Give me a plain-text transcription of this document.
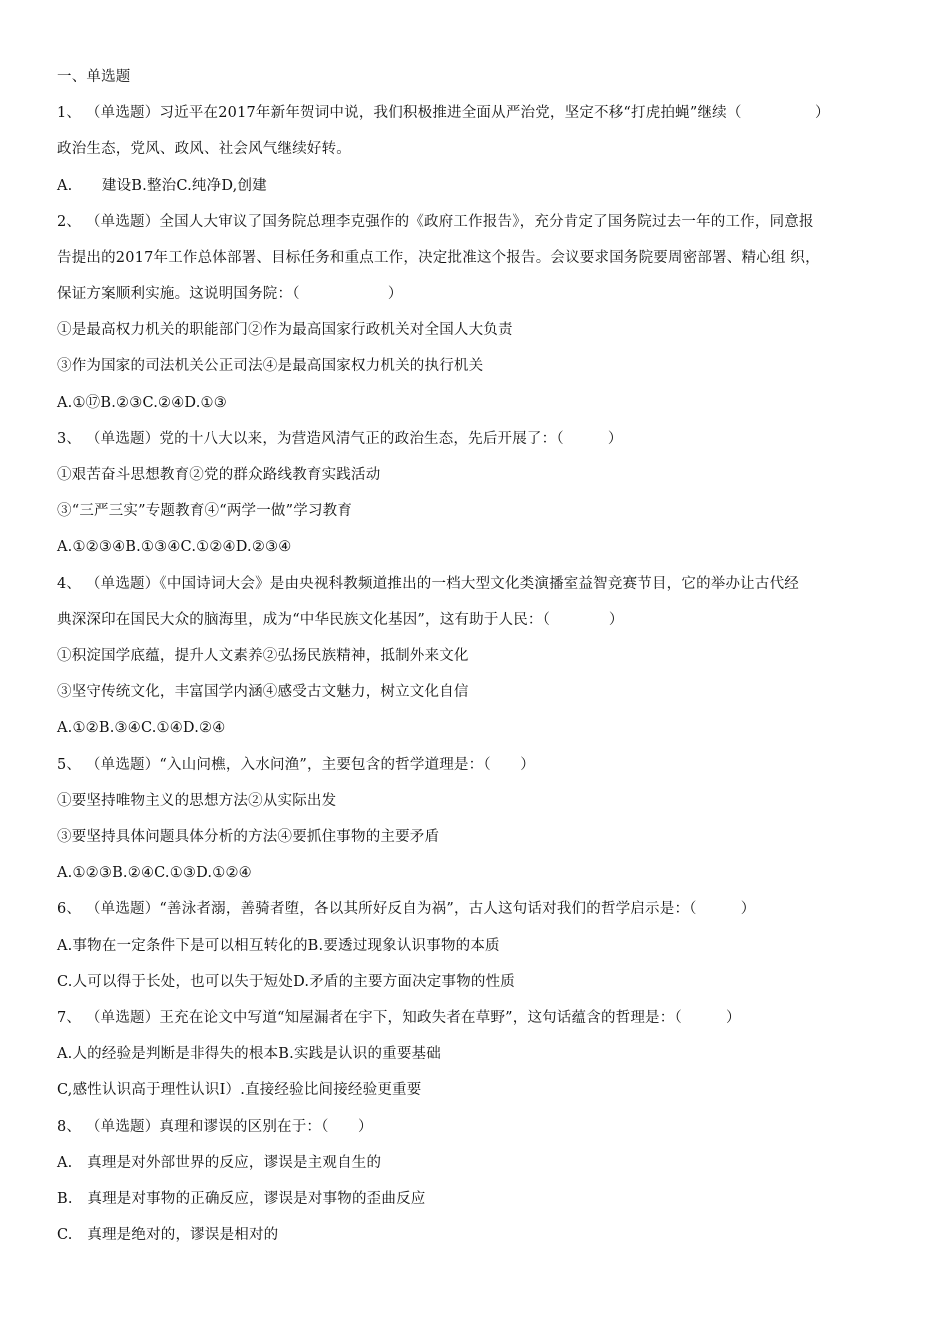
一、单选题
1、 （单选题）习近平在2017年新年贺词中说，我们积极推进全面从严治党，坚定不移“打虎拍蝇”继续（　　　　　）
政治生态，党风、政风、社会风气继续好转。
A.　　建设B.整治C.纯净D,创建
2、 （单选题）全国人大审议了国务院总理李克强作的《政府工作报告》，充分肯定了国务院过去一年的工作，同意报
告提出的2017年工作总体部署、目标任务和重点工作，决定批准这个报告。会议要求国务院要周密部署、精心组 织，
保证方案顺利实施。这说明国务院：（　　　　　　）
①是最高权力机关的职能部门②作为最高国家行政机关对全国人大负责
③作为国家的司法机关公正司法④是最高国家权力机关的执行机关
A.①⑰B.②③C.②④D.①③
3、 （单选题）党的十八大以来，为营造风清气正的政治生态，先后开展了：（　　　）
①艰苦奋斗思想教育②党的群众路线教育实践活动
③“三严三实”专题教育④“两学一做”学习教育
A.①②③④B.①③④C.①②④D.②③④
4、 （单选题）《中国诗词大会》是由央视科教频道推出的一档大型文化类演播室益智竞赛节目，它的举办让古代经
典深深印在国民大众的脑海里，成为“中华民族文化基因”，这有助于人民：（　　　　）
①积淀国学底蕴，提升人文素养②弘扬民族精神，抵制外来文化
③坚守传统文化，丰富国学内涵④感受古文魅力，树立文化自信
A.①②B.③④C.①④D.②④
5、 （单选题）“入山问樵，入水问渔”，主要包含的哲学道理是：（　　）
①要坚持唯物主义的思想方法②从实际出发
③要坚持具体问题具体分析的方法④要抓住事物的主要矛盾
A.①②③B.②④C.①③D.①②④
6、 （单选题）“善泳者溺，善骑者堕，各以其所好反自为祸”，古人这句话对我们的哲学启示是：（　　　）
A.事物在一定条件下是可以相互转化的B.要透过现象认识事物的本质
C.人可以得于长处，也可以失于短处D.矛盾的主要方面决定事物的性质
7、 （单选题）王充在论文中写道“知屋漏者在宇下，知政失者在草野”，这句话蕴含的哲理是：（　　　）
A.人的经验是判断是非得失的根本B.实践是认识的重要基础
C,感性认识高于理性认识I）.直接经验比间接经验更重要
8、 （单选题）真理和谬误的区别在于：（　　）
A.　真理是对外部世界的反应，谬误是主观自生的
B.　真理是对事物的正确反应，谬误是对事物的歪曲反应
C.　真理是绝对的，谬误是相对的
